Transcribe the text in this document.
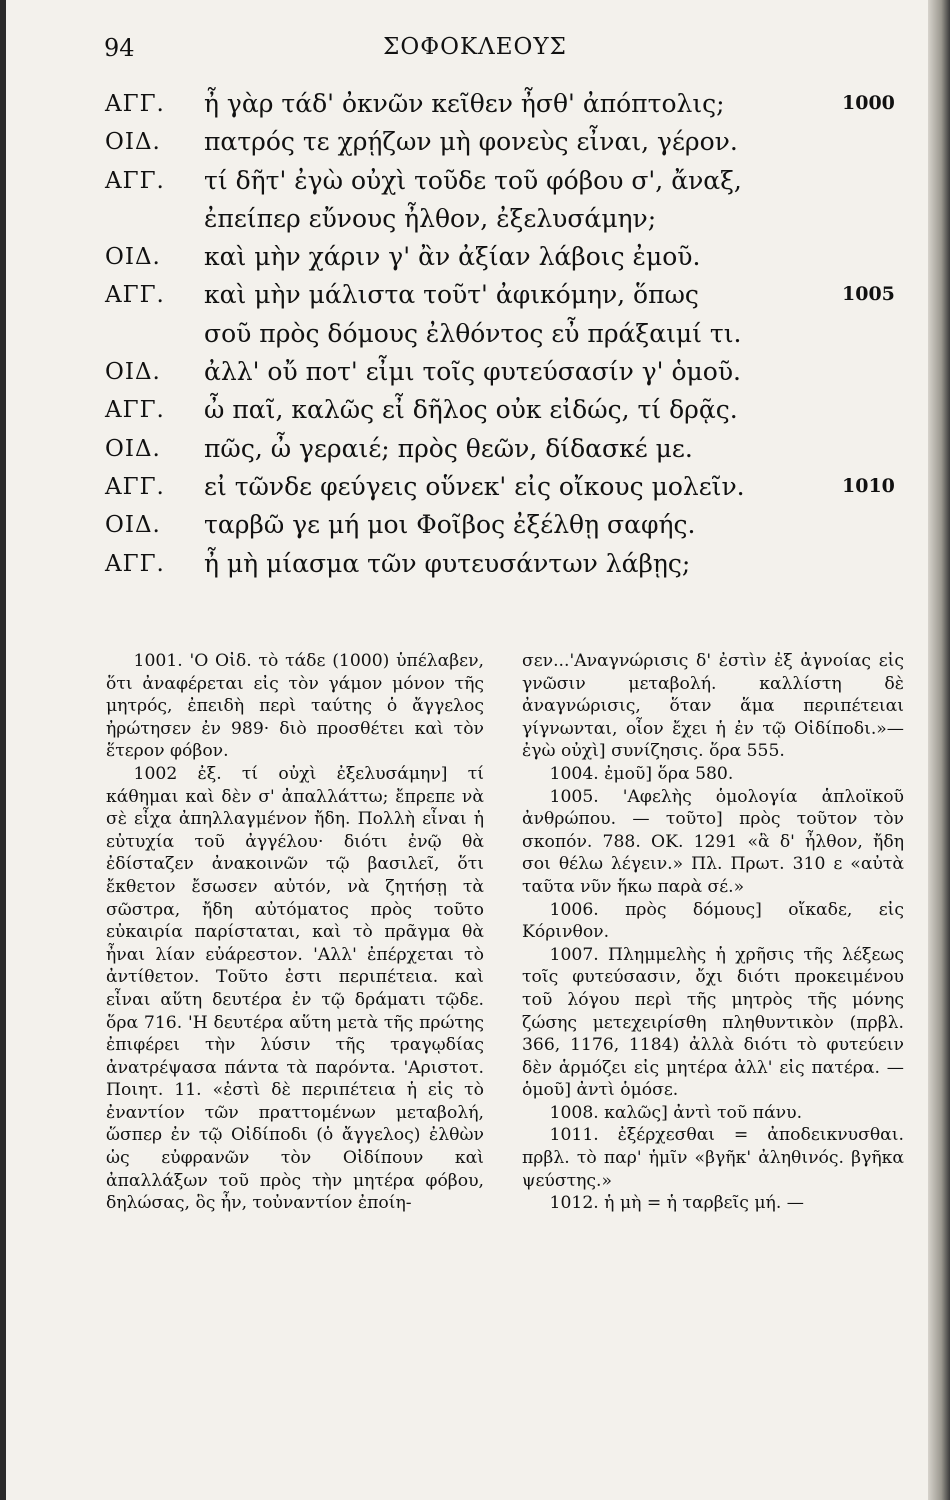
94	ΣΟΦΟΚΛΕΟΥΣ
ΑΓΓ. ἦ γὰρ τάδ' ὀκνῶν κεῖθεν ἦσθ' ἀπόπτολις;	1000
ΟΙΔ. πατρός τε χρῄζων μὴ φονεὺς εἶναι, γέρον.
ΑΓΓ. τί δῆτ' ἐγὼ οὐχὶ τοῦδε τοῦ φόβου σ', ἄναξ,
ἐπείπερ εὔνους ἦλθον, ἐξελυσάμην;
ΟΙΔ. καὶ μὴν χάριν γ' ἂν ἀξίαν λάβοις ἐμοῦ.
ΑΓΓ. καὶ μὴν μάλιστα τοῦτ' ἀφικόμην, ὅπως	1005
σοῦ πρὸς δόμους ἐλθόντος εὖ πράξαιμί τι.
ΟΙΔ. ἀλλ' οὔ ποτ' εἶμι τοῖς φυτεύσασίν γ' ὁμοῦ.
ΑΓΓ. ὦ παῖ, καλῶς εἶ δῆλος οὐκ εἰδώς, τί δρᾷς.
ΟΙΔ. πῶς, ὦ γεραιέ; πρὸς θεῶν, δίδασκέ με.
ΑΓΓ. εἰ τῶνδε φεύγεις οὕνεκ' εἰς οἴκους μολεῖν.	1010
ΟΙΔ. ταρβῶ γε μή μοι Φοῖβος ἐξέλθῃ σαφής.
ΑΓΓ. ἦ μὴ μίασμα τῶν φυτευσάντων λάβῃς;

1001. 'Ο Οἰδ. τὸ τάδε (1000) ὑπέλαβεν, ὅτι ἀναφέρεται εἰς τὸν γάμον μόνον τῆς μητρός, ἐπειδὴ περὶ ταύτης ὁ ἄγγελος ἠρώτησεν ἐν 989· διὸ προσθέτει καὶ τὸν ἕτερον φόβον.

1002 ἐξ. τί οὐχὶ ἐξελυσάμην] τί κάθημαι καὶ δὲν σ' ἀπαλλάττω; ἔπρεπε νὰ σὲ εἶχα ἀπηλλαγμένον ἤδη. Πολλὴ εἶναι ἡ εὐτυχία τοῦ ἀγγέλου· διότι ἐνῷ θὰ ἐδίσταζεν ἀνακοινῶν τῷ βασιλεῖ, ὅτι ἔκθετον ἔσωσεν αὐτόν, νὰ ζητήσῃ τὰ σῶστρα, ἤδη αὐτόματος πρὸς τοῦτο εὐκαιρία παρίσταται, καὶ τὸ πρᾶγμα θὰ ἦναι λίαν εὐάρεστον. 'Αλλ' ἐπέρχεται τὸ ἀντίθετον. Τοῦτο ἐστι περιπέτεια. καὶ εἶναι αὕτη δευτέρα ἐν τῷ δράματι τῷδε. ὅρα 716. 'Η δευτέρα αὕτη μετὰ τῆς πρώτης ἐπιφέρει τὴν λύσιν τῆς τραγῳδίας ἀνατρέψασα πάντα τὰ παρόντα. 'Αριστοτ. Ποιητ. 11. «ἐστὶ δὲ περιπέτεια ἡ εἰς τὸ ἐναντίον τῶν πραττομένων μεταβολή, ὥσπερ ἐν τῷ Οἰδίποδι (ὁ ἄγγελος) ἐλθὼν ὡς εὐφρανῶν τὸν Οἰδίπουν καὶ ἀπαλλάξων τοῦ πρὸς τὴν μητέρα φόβου, δηλώσας, ὃς ἦν, τοὐναντίον ἐποίη-

σεν...'Αναγνώρισις δ' ἐστὶν ἐξ ἀγνοίας εἰς γνῶσιν μεταβολή. καλλίστη δὲ ἀναγνώρισις, ὅταν ἅμα περιπέτειαι γίγνωνται, οἷον ἔχει ἡ ἐν τῷ Οἰδίποδι.»—ἐγὼ οὐχὶ] συνίζησις. ὅρα 555.

1004. ἐμοῦ] ὅρα 580.

1005. 'Αφελὴς ὁμολογία ἁπλοϊκοῦ ἀνθρώπου. — τοῦτο] πρὸς τοῦτον τὸν σκοπόν. 788. ΟΚ. 1291 «ἃ δ' ἦλθον, ἤδη σοι θέλω λέγειν.» Πλ. Πρωτ. 310 ε «αὐτὰ ταῦτα νῦν ἥκω παρὰ σέ.»

1006. πρὸς δόμους] οἴκαδε, εἰς Κόρινθον.

1007. Πλημμελὴς ἡ χρῆσις τῆς λέξεως τοῖς φυτεύσασιν, ὄχι διότι προκειμένου τοῦ λόγου περὶ τῆς μητρὸς τῆς μόνης ζώσης μετεχειρίσθη πληθυντικὸν (πρβλ. 366, 1176, 1184) ἀλλὰ διότι τὸ φυτεύειν δὲν ἁρμόζει εἰς μητέρα ἀλλ' εἰς πατέρα. — ὁμοῦ] ἀντὶ ὁμόσε.

1008. καλῶς] ἀντὶ τοῦ πάνυ.

1011. ἐξέρχεσθαι = ἀποδεικνυσθαι. πρβλ. τὸ παρ' ἡμῖν «βγῆκ' ἀληθινός. βγῆκα ψεύστης.»

1012. ἡ μὴ = ἡ ταρβεῖς μή. —
